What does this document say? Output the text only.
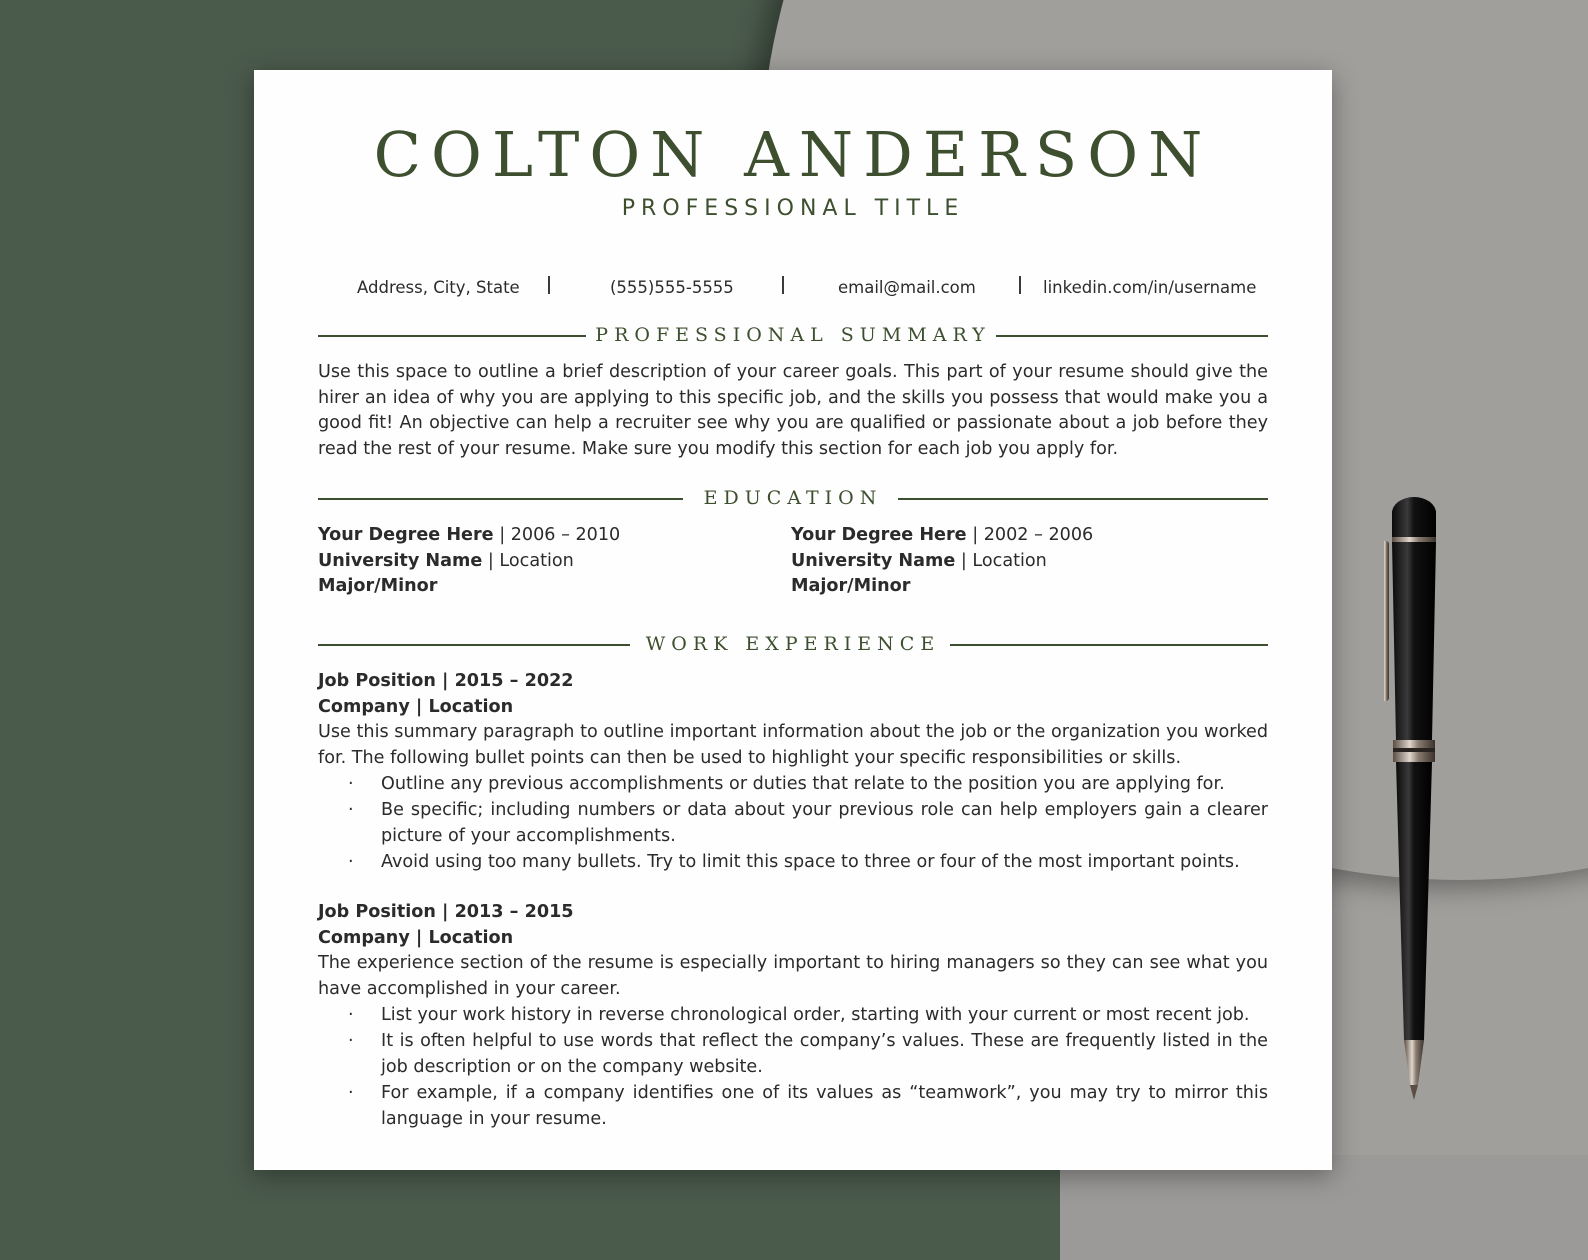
COLTON ANDERSON
PROFESSIONAL TITLE
Address, City, State	(555)555-5555	email@mail.com	linkedin.com/in/username
PROFESSIONAL SUMMARY
Use this space to outline a brief description of your career goals. This part of your resume should give the hirer an idea of why you are applying to this specific job, and the skills you possess that would make you a good fit! An objective can help a recruiter see why you are qualified or passionate about a job before they read the rest of your resume. Make sure you modify this section for each job you apply for.
EDUCATION
Your Degree Here | 2006 – 2010
University Name | Location
Major/Minor
Your Degree Here | 2002 – 2006
University Name | Location
Major/Minor
WORK EXPERIENCE
Job Position | 2015 – 2022
Company | Location
Use this summary paragraph to outline important information about the job or the organization you worked for. The following bullet points can then be used to highlight your specific responsibilities or skills.
· Outline any previous accomplishments or duties that relate to the position you are applying for.
· Be specific; including numbers or data about your previous role can help employers gain a clearer picture of your accomplishments.
· Avoid using too many bullets. Try to limit this space to three or four of the most important points.
Job Position | 2013 – 2015
Company | Location
The experience section of the resume is especially important to hiring managers so they can see what you have accomplished in your career.
· List your work history in reverse chronological order, starting with your current or most recent job.
· It is often helpful to use words that reflect the company’s values. These are frequently listed in the job description or on the company website.
· For example, if a company identifies one of its values as “teamwork”, you may try to mirror this language in your resume.
